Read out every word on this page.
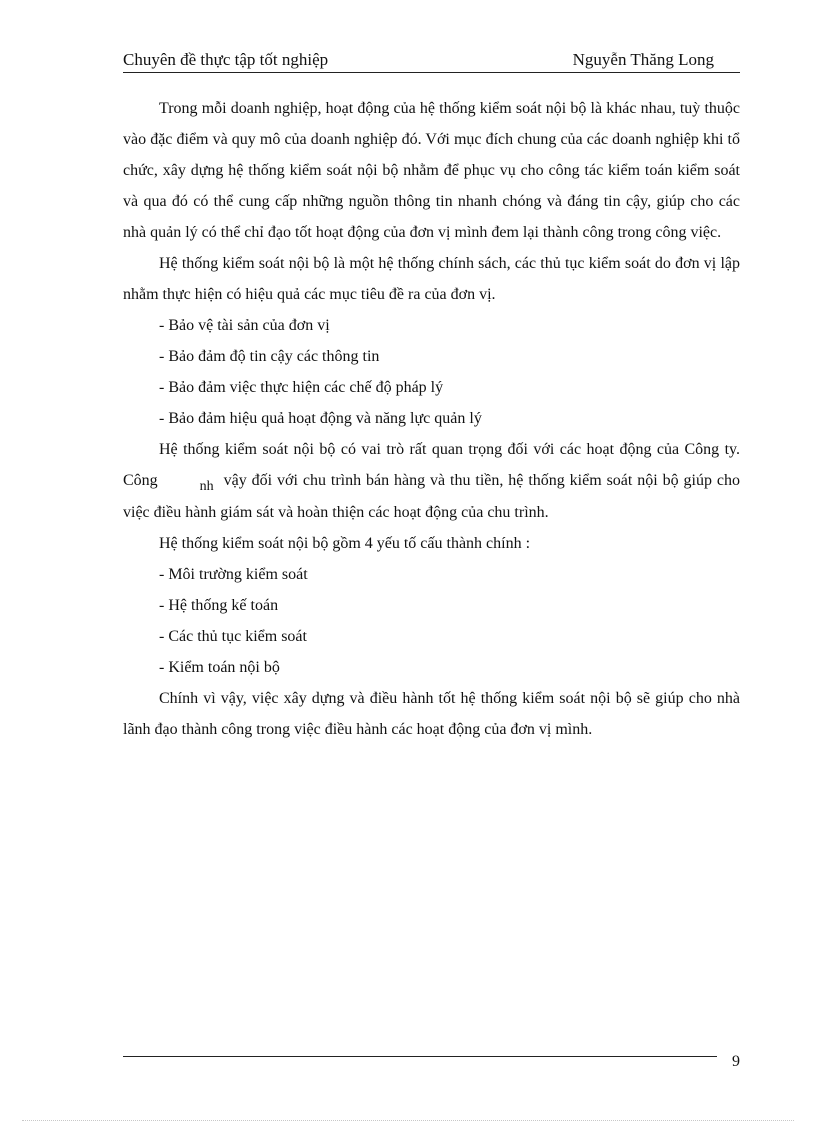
Chuyên đề thực tập tốt nghiệp	Nguyễn Thăng Long

Trong mỗi doanh nghiệp, hoạt động của hệ thống kiểm soát nội bộ là khác nhau, tuỳ thuộc vào đặc điểm và quy mô của doanh nghiệp đó. Với mục đích chung của các doanh nghiệp khi tổ chức, xây dựng hệ thống kiểm soát nội bộ nhằm để phục vụ cho công tác kiểm toán kiểm soát và qua đó có thể cung cấp những nguồn thông tin nhanh chóng và đáng tin cậy, giúp cho các nhà quản lý có thể chỉ đạo tốt hoạt động của đơn vị mình đem lại thành công trong công việc.

Hệ thống kiểm soát nội bộ là một hệ thống chính sách, các thủ tục kiểm soát do đơn vị lập nhằm thực hiện có hiệu quả các mục tiêu đề ra của đơn vị.

- Bảo vệ tài sản của đơn vị

- Bảo đảm độ tin cậy các thông tin

- Bảo đảm việc thực hiện các chế độ pháp lý

- Bảo đảm hiệu quả hoạt động và năng lực quản lý

Hệ thống kiểm soát nội bộ có vai trò rất quan trọng đối với các hoạt động của Công ty. Công	nh vậy đối với chu trình bán hàng và thu tiền, hệ thống kiểm soát nội bộ giúp cho việc điều hành giám sát và hoàn thiện các hoạt động của chu trình.

Hệ thống kiểm soát nội bộ gồm 4 yếu tố cấu thành chính :

- Môi trường kiểm soát

- Hệ thống kế toán

- Các thủ tục kiểm soát

- Kiểm toán nội bộ

Chính vì vậy, việc xây dựng và điều hành tốt hệ thống kiểm soát nội bộ sẽ giúp cho nhà lãnh đạo thành công trong việc điều hành các hoạt động của đơn vị mình.

9
